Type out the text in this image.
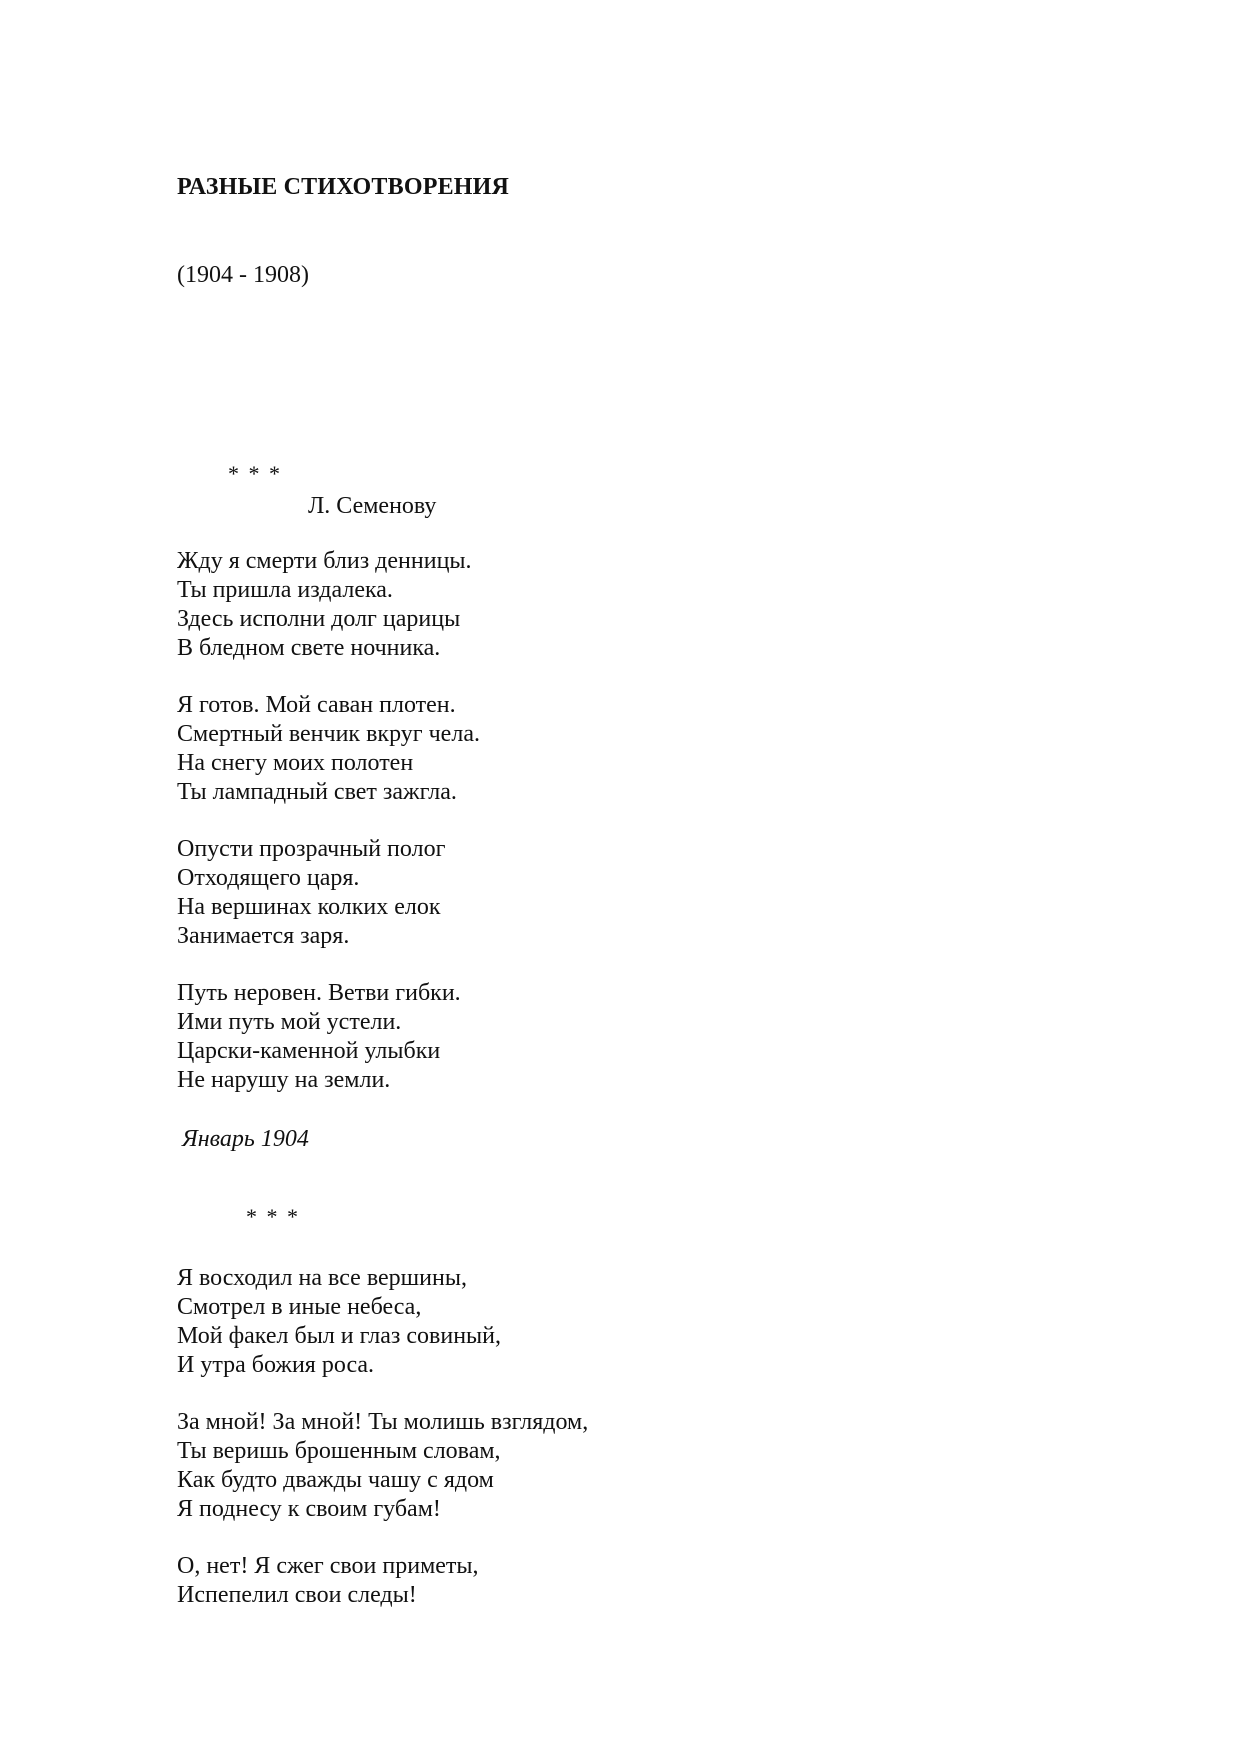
РАЗНЫЕ СТИХОТВОРЕНИЯ
(1904 - 1908)
* * *
Л. Семенову
Жду я смерти близ денницы.
Ты пришла издалека.
Здесь исполни долг царицы
В бледном свете ночника.
Я готов. Мой саван плотен.
Смертный венчик вкруг чела.
На снегу моих полотен
Ты лампадный свет зажгла.
Опусти прозрачный полог
Отходящего царя.
На вершинах колких елок
Занимается заря.
Путь неровен. Ветви гибки.
Ими путь мой устели.
Царски-каменной улыбки
Не нарушу на земли.
Январь 1904
* * *
Я восходил на все вершины,
Смотрел в иные небеса,
Мой факел был и глаз совиный,
И утра божия роса.
За мной! За мной! Ты молишь взглядом,
Ты веришь брошенным словам,
Как будто дважды чашу с ядом
Я поднесу к своим губам!
О, нет! Я сжег свои приметы,
Испепелил свои следы!
